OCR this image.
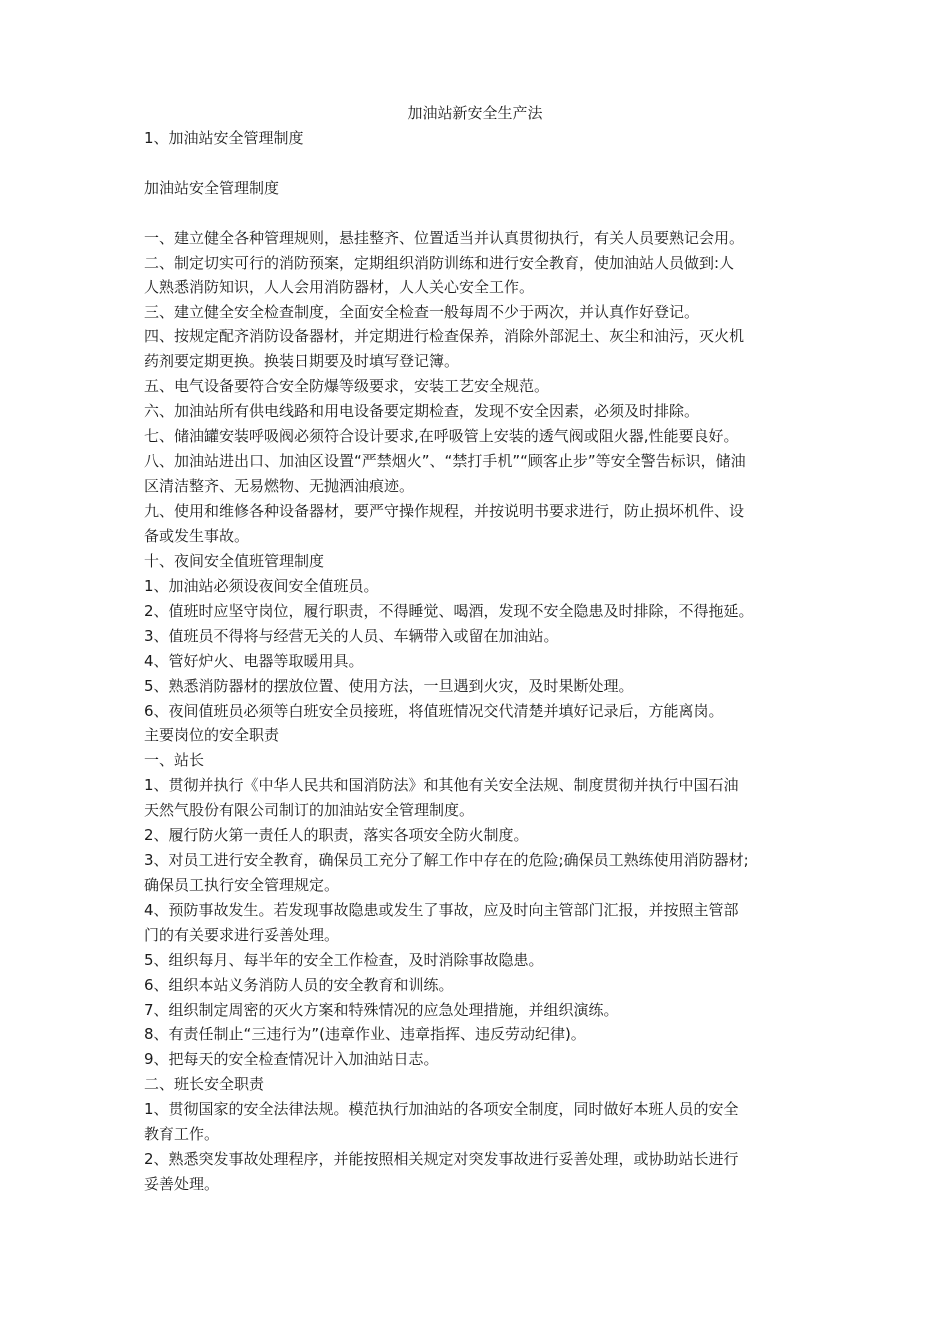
加油站新安全生产法
1、加油站安全管理制度
加油站安全管理制度
一、建立健全各种管理规则，悬挂整齐、位置适当并认真贯彻执行，有关人员要熟记会用。
二、制定切实可行的消防预案，定期组织消防训练和进行安全教育，使加油站人员做到:人
人熟悉消防知识，人人会用消防器材，人人关心安全工作。
三、建立健全安全检查制度，全面安全检查一般每周不少于两次，并认真作好登记。
四、按规定配齐消防设备器材，并定期进行检查保养，消除外部泥土、灰尘和油污，灭火机
药剂要定期更换。换装日期要及时填写登记簿。
五、电气设备要符合安全防爆等级要求，安装工艺安全规范。
六、加油站所有供电线路和用电设备要定期检查，发现不安全因素，必须及时排除。
七、储油罐安装呼吸阀必须符合设计要求,在呼吸管上安装的透气阀或阻火器,性能要良好。
八、加油站进出口、加油区设置“严禁烟火”、“禁打手机”“顾客止步”等安全警告标识，储油
区清洁整齐、无易燃物、无抛洒油痕迹。
九、使用和维修各种设备器材，要严守操作规程，并按说明书要求进行，防止损坏机件、设
备或发生事故。
十、夜间安全值班管理制度
1、加油站必须设夜间安全值班员。
2、值班时应坚守岗位，履行职责，不得睡觉、喝酒，发现不安全隐患及时排除，不得拖延。
3、值班员不得将与经营无关的人员、车辆带入或留在加油站。
4、管好炉火、电器等取暖用具。
5、熟悉消防器材的摆放位置、使用方法，一旦遇到火灾，及时果断处理。
6、夜间值班员必须等白班安全员接班，将值班情况交代清楚并填好记录后，方能离岗。
主要岗位的安全职责
一、站长
1、贯彻并执行《中华人民共和国消防法》和其他有关安全法规、制度贯彻并执行中国石油
天然气股份有限公司制订的加油站安全管理制度。
2、履行防火第一责任人的职责，落实各项安全防火制度。
3、对员工进行安全教育，确保员工充分了解工作中存在的危险;确保员工熟练使用消防器材;
确保员工执行安全管理规定。
4、预防事故发生。若发现事故隐患或发生了事故，应及时向主管部门汇报，并按照主管部
门的有关要求进行妥善处理。
5、组织每月、每半年的安全工作检查，及时消除事故隐患。
6、组织本站义务消防人员的安全教育和训练。
7、组织制定周密的灭火方案和特殊情况的应急处理措施，并组织演练。
8、有责任制止“三违行为”(违章作业、违章指挥、违反劳动纪律)。
9、把每天的安全检查情况计入加油站日志。
二、班长安全职责
1、贯彻国家的安全法律法规。模范执行加油站的各项安全制度，同时做好本班人员的安全
教育工作。
2、熟悉突发事故处理程序，并能按照相关规定对突发事故进行妥善处理，或协助站长进行
妥善处理。
